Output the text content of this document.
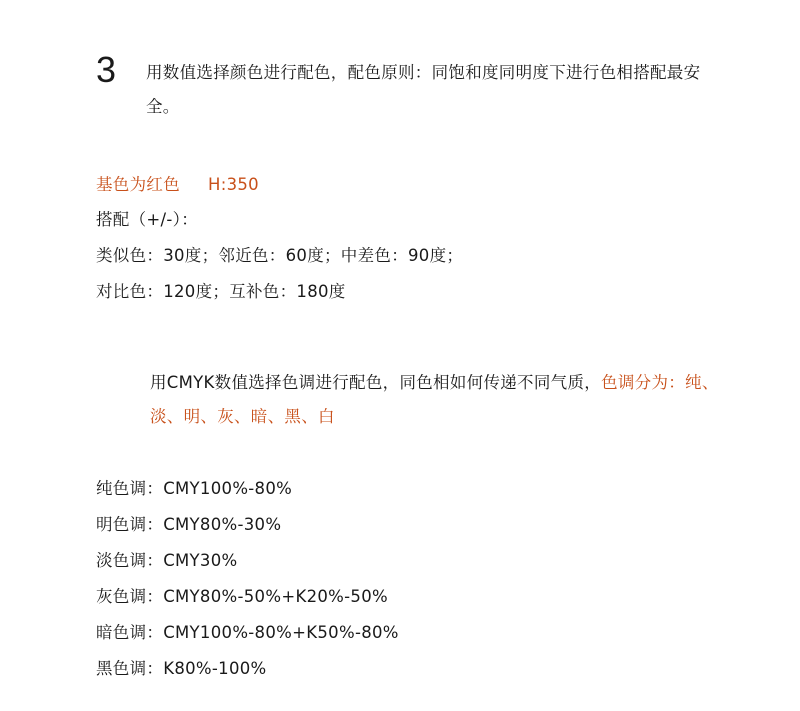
3 用数值选择颜色进行配色，配色原则：同饱和度同明度下进行色相搭配最安全。
基色为红色 H:350
搭配（+/-）：
类似色：30度；邻近色：60度；中差色：90度；
对比色：120度；互补色：180度
用CMYK数值选择色调进行配色，同色相如何传递不同气质，色调分为：纯、淡、明、灰、暗、黑、白
纯色调：CMY100%-80%
明色调：CMY80%-30%
淡色调：CMY30%
灰色调：CMY80%-50%+K20%-50%
暗色调：CMY100%-80%+K50%-80%
黑色调：K80%-100%
